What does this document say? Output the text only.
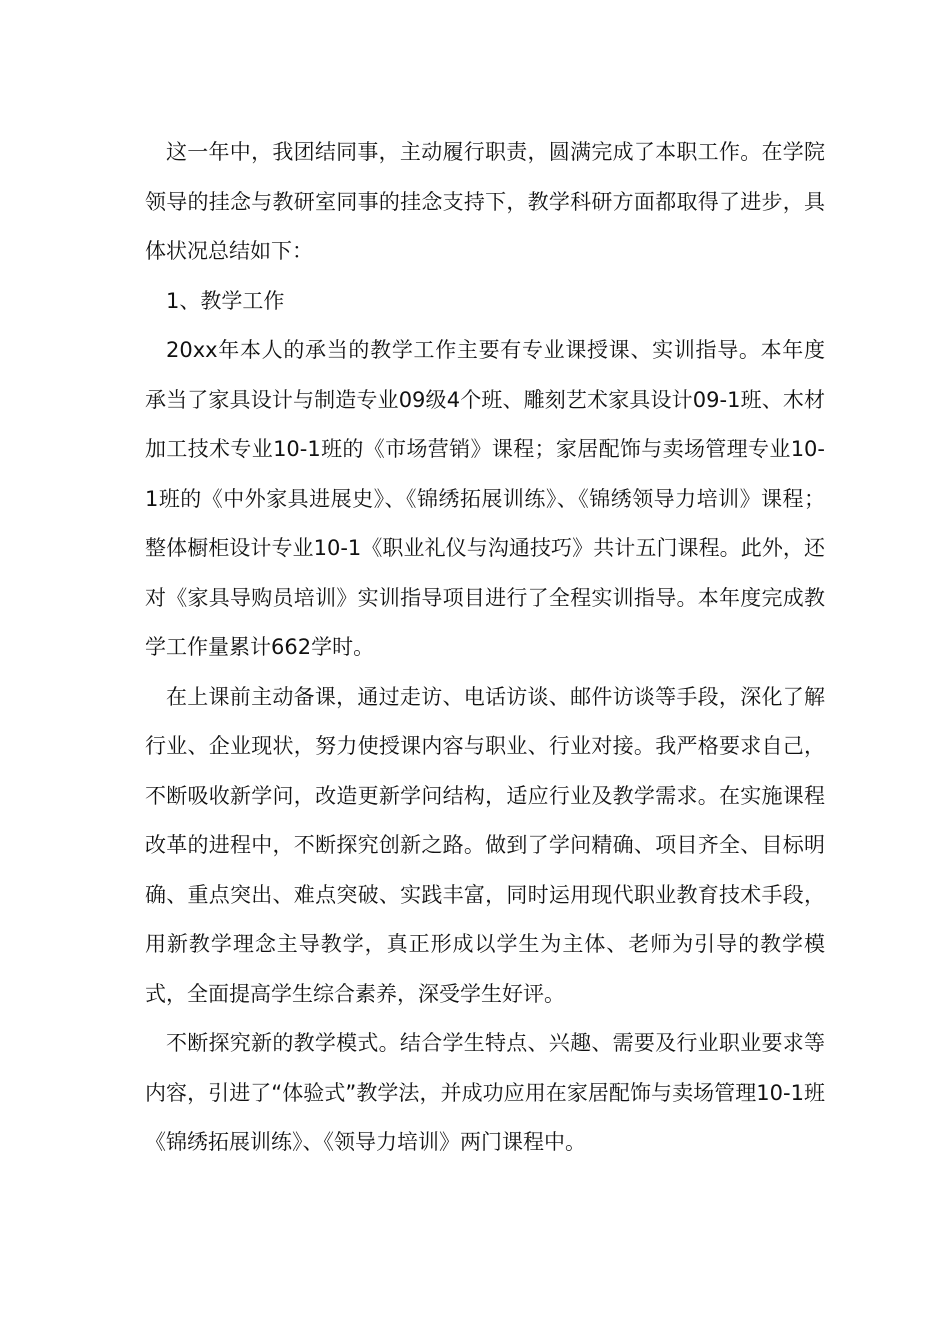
这一年中，我团结同事，主动履行职责，圆满完成了本职工作。在学院领导的挂念与教研室同事的挂念支持下，教学科研方面都取得了进步，具体状况总结如下：

1、教学工作

20xx年本人的承当的教学工作主要有专业课授课、实训指导。本年度承当了家具设计与制造专业09级4个班、雕刻艺术家具设计09-1班、木材加工技术专业10-1班的《市场营销》课程；家居配饰与卖场管理专业10-1班的《中外家具进展史》、《锦绣拓展训练》、《锦绣领导力培训》课程；整体橱柜设计专业10-1《职业礼仪与沟通技巧》共计五门课程。此外，还对《家具导购员培训》实训指导项目进行了全程实训指导。本年度完成教学工作量累计662学时。

在上课前主动备课，通过走访、电话访谈、邮件访谈等手段，深化了解行业、企业现状，努力使授课内容与职业、行业对接。我严格要求自己，不断吸收新学问，改造更新学问结构，适应行业及教学需求。在实施课程改革的进程中，不断探究创新之路。做到了学问精确、项目齐全、目标明确、重点突出、难点突破、实践丰富，同时运用现代职业教育技术手段，用新教学理念主导教学，真正形成以学生为主体、老师为引导的教学模式，全面提高学生综合素养，深受学生好评。

不断探究新的教学模式。结合学生特点、兴趣、需要及行业职业要求等内容，引进了“体验式”教学法，并成功应用在家居配饰与卖场管理10-1班《锦绣拓展训练》、《领导力培训》两门课程中。
